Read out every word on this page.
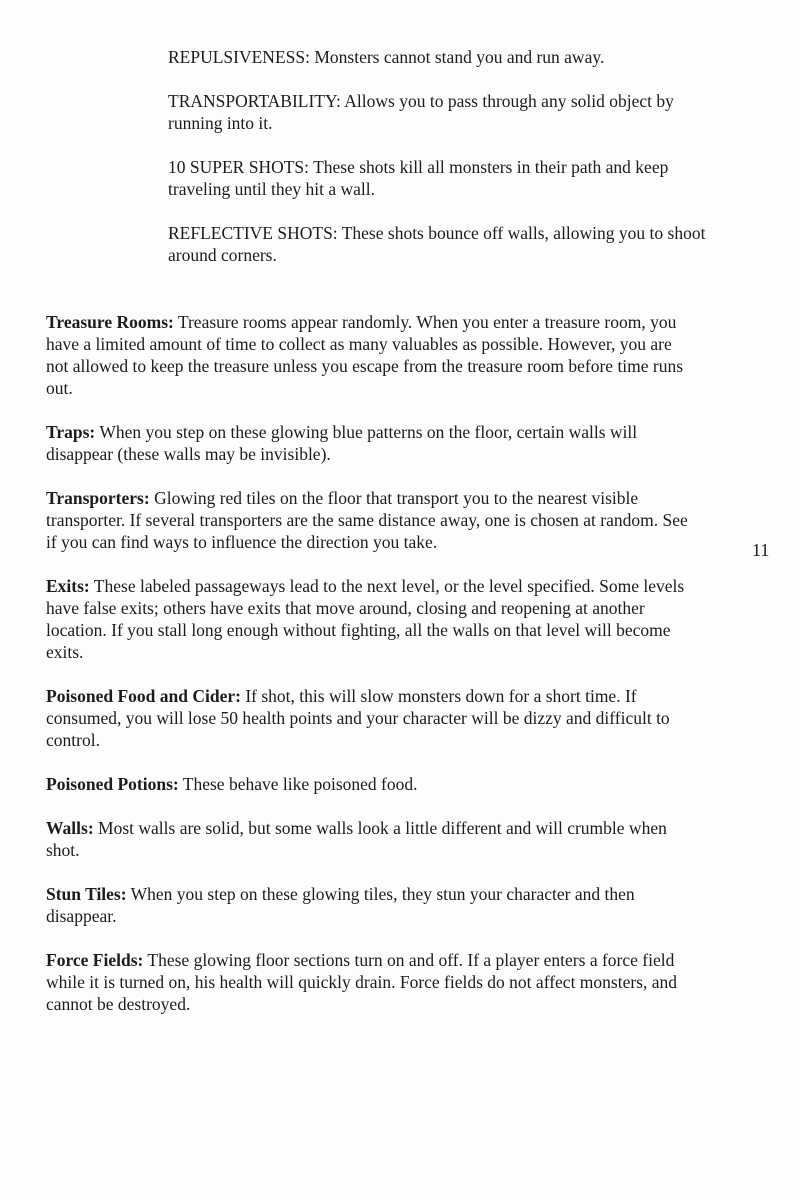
REPULSIVENESS: Monsters cannot stand you and run away.

TRANSPORTABILITY: Allows you to pass through any solid object by running into it.

10 SUPER SHOTS: These shots kill all monsters in their path and keep traveling until they hit a wall.

REFLECTIVE SHOTS: These shots bounce off walls, allowing you to shoot around corners.

Treasure Rooms: Treasure rooms appear randomly. When you enter a treasure room, you have a limited amount of time to collect as many valuables as possible. However, you are not allowed to keep the treasure unless you escape from the treasure room before time runs out.

Traps: When you step on these glowing blue patterns on the floor, certain walls will disappear (these walls may be invisible).

Transporters: Glowing red tiles on the floor that transport you to the nearest visible transporter. If several transporters are the same distance away, one is chosen at random. See if you can find ways to influence the direction you take.

Exits: These labeled passageways lead to the next level, or the level specified. Some levels have false exits; others have exits that move around, closing and reopening at another location. If you stall long enough without fighting, all the walls on that level will become exits.

Poisoned Food and Cider: If shot, this will slow monsters down for a short time. If consumed, you will lose 50 health points and your character will be dizzy and difficult to control.

Poisoned Potions: These behave like poisoned food.

Walls: Most walls are solid, but some walls look a little different and will crumble when shot.

Stun Tiles: When you step on these glowing tiles, they stun your character and then disappear.

Force Fields: These glowing floor sections turn on and off. If a player enters a force field while it is turned on, his health will quickly drain. Force fields do not affect monsters, and cannot be destroyed.

11
